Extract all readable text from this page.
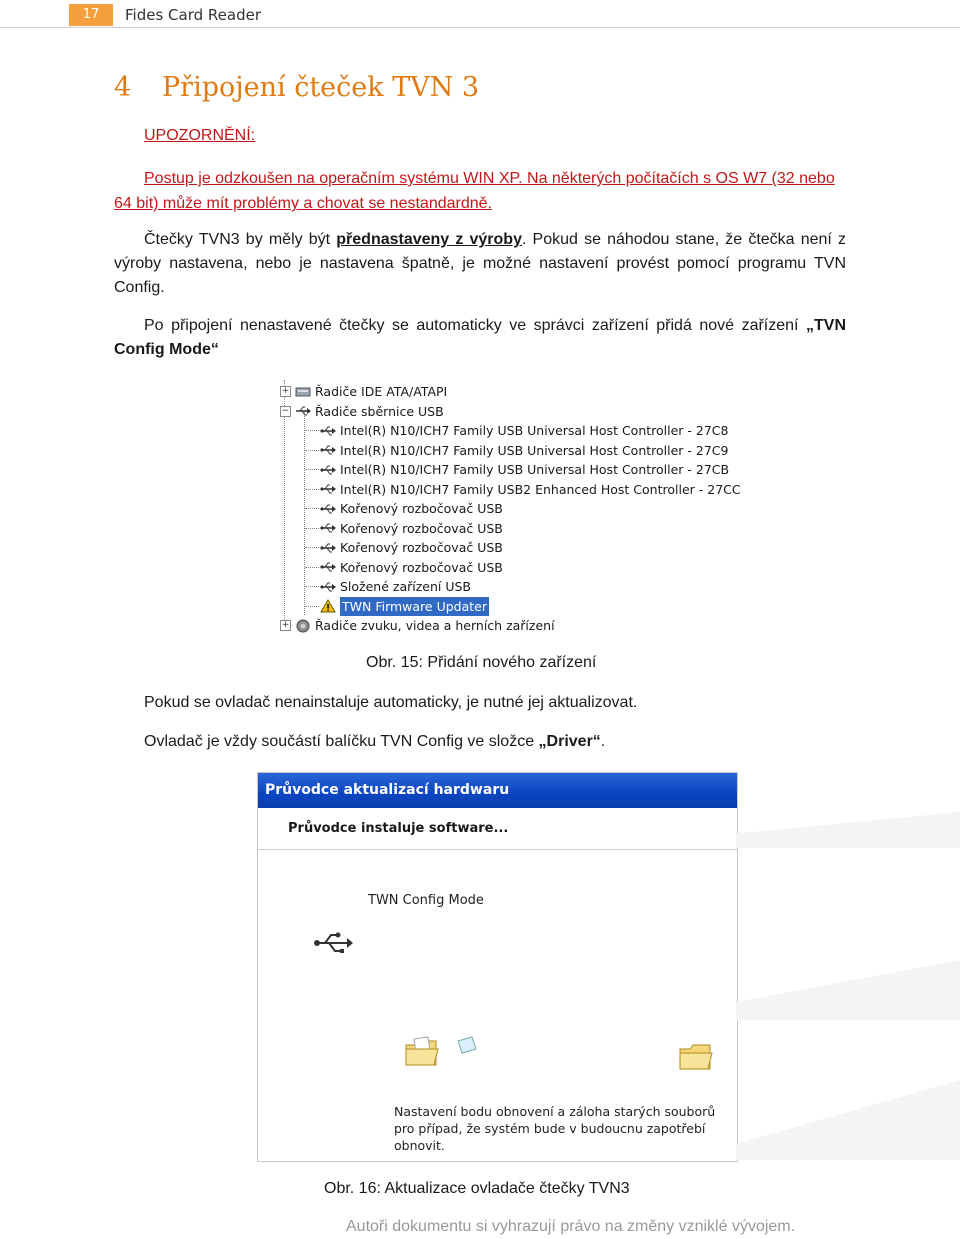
17	Fides Card Reader
4 Připojení čteček TVN 3
UPOZORNĚNÍ:
Postup je odzkoušen na operačním systému WIN XP. Na některých počítačích s OS W7 (32 nebo 64 bit) může mít problémy a chovat se nestandardně.
Čtečky TVN3 by měly být přednastaveny z výroby. Pokud se náhodou stane, že čtečka není z výroby nastavena, nebo je nastavena špatně, je možné nastavení provést pomocí programu TVN Config.
Po připojení nenastavené čtečky se automaticky ve správci zařízení přidá nové zařízení „TVN Config Mode“
+ Řadiče IDE ATA/ATAPI
− Řadiče sběrnice USB
Intel(R) N10/ICH7 Family USB Universal Host Controller - 27C8
Intel(R) N10/ICH7 Family USB Universal Host Controller - 27C9
Intel(R) N10/ICH7 Family USB Universal Host Controller - 27CB
Intel(R) N10/ICH7 Family USB2 Enhanced Host Controller - 27CC
Kořenový rozbočovač USB
Kořenový rozbočovač USB
Kořenový rozbočovač USB
Kořenový rozbočovač USB
Složené zařízení USB
TWN Firmware Updater
+ Řadiče zvuku, videa a herních zařízení
Obr. 15: Přidání nového zařízení
Pokud se ovladač nenainstaluje automaticky, je nutné jej aktualizovat.
Ovladač je vždy součástí balíčku TVN Config ve složce „Driver“.
Průvodce aktualizací hardwaru
Průvodce instaluje software...
TWN Config Mode
Nastavení bodu obnovení a záloha starých souborů pro případ, že systém bude v budoucnu zapotřebí obnovit.
Obr. 16: Aktualizace ovladače čtečky TVN3
Autoři dokumentu si vyhrazují právo na změny vzniklé vývojem.
